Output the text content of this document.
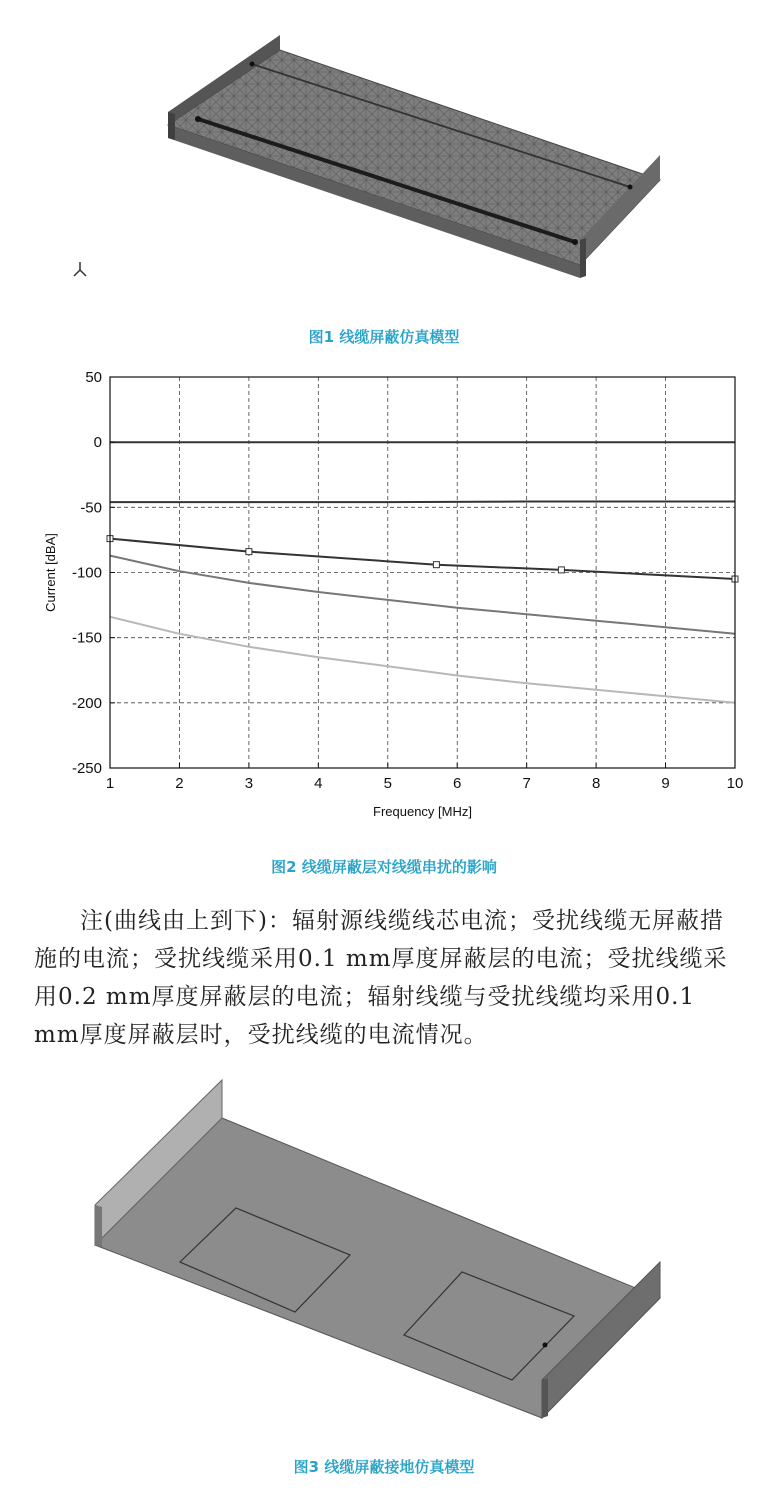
图1 线缆屏蔽仿真模型
1	2	3	4	5	6	7	8	9	10
50
0
-50
-100
-150
-200
-250
Frequency [MHz]
Current [dBA]
图2 线缆屏蔽层对线缆串扰的影响
注(曲线由上到下)：辐射源线缆线芯电流；受扰线缆无屏蔽措施的电流；受扰线缆采用0.1 mm厚度屏蔽层的电流；受扰线缆采用0.2 mm厚度屏蔽层的电流；辐射线缆与受扰线缆均采用0.1 mm厚度屏蔽层时，受扰线缆的电流情况。
图3 线缆屏蔽接地仿真模型
